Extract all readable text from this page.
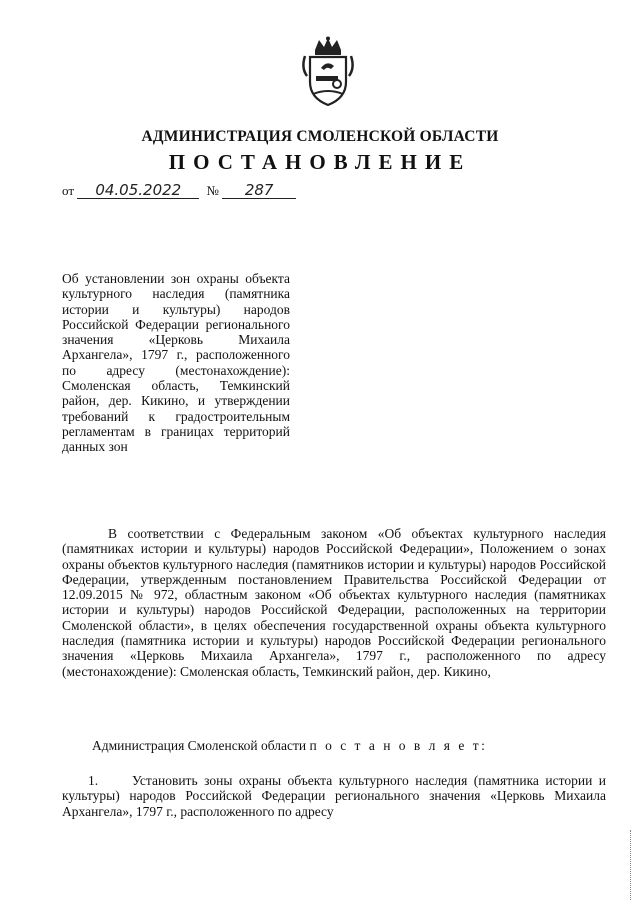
АДМИНИСТРАЦИЯ СМОЛЕНСКОЙ ОБЛАСТИ
ПОСТАНОВЛЕНИЕ
от 04.05.2022 № 287
Об установлении зон охраны объекта культурного наследия (памятника истории и культуры) народов Российской Федерации регионального значения «Церковь Михаила Архангела», 1797 г., расположенного по адресу (местонахождение): Смоленская область, Темкинский район, дер. Кикино, и утверждении требований к градостроительным регламентам в границах территорий данных зон
В соответствии с Федеральным законом «Об объектах культурного наследия (памятниках истории и культуры) народов Российской Федерации», Положением о зонах охраны объектов культурного наследия (памятников истории и культуры) народов Российской Федерации, утвержденным постановлением Правительства Российской Федерации от 12.09.2015 № 972, областным законом «Об объектах культурного наследия (памятниках истории и культуры) народов Российской Федерации, расположенных на территории Смоленской области», в целях обеспечения государственной охраны объекта культурного наследия (памятника истории и культуры) народов Российской Федерации регионального значения «Церковь Михаила Архангела», 1797 г., расположенного по адресу (местонахождение): Смоленская область, Темкинский район, дер. Кикино,
Администрация Смоленской области п о с т а н о в л я е т:
1.	Установить зоны охраны объекта культурного наследия (памятника истории и культуры) народов Российской Федерации регионального значения «Церковь Михаила Архангела», 1797 г., расположенного по адресу
